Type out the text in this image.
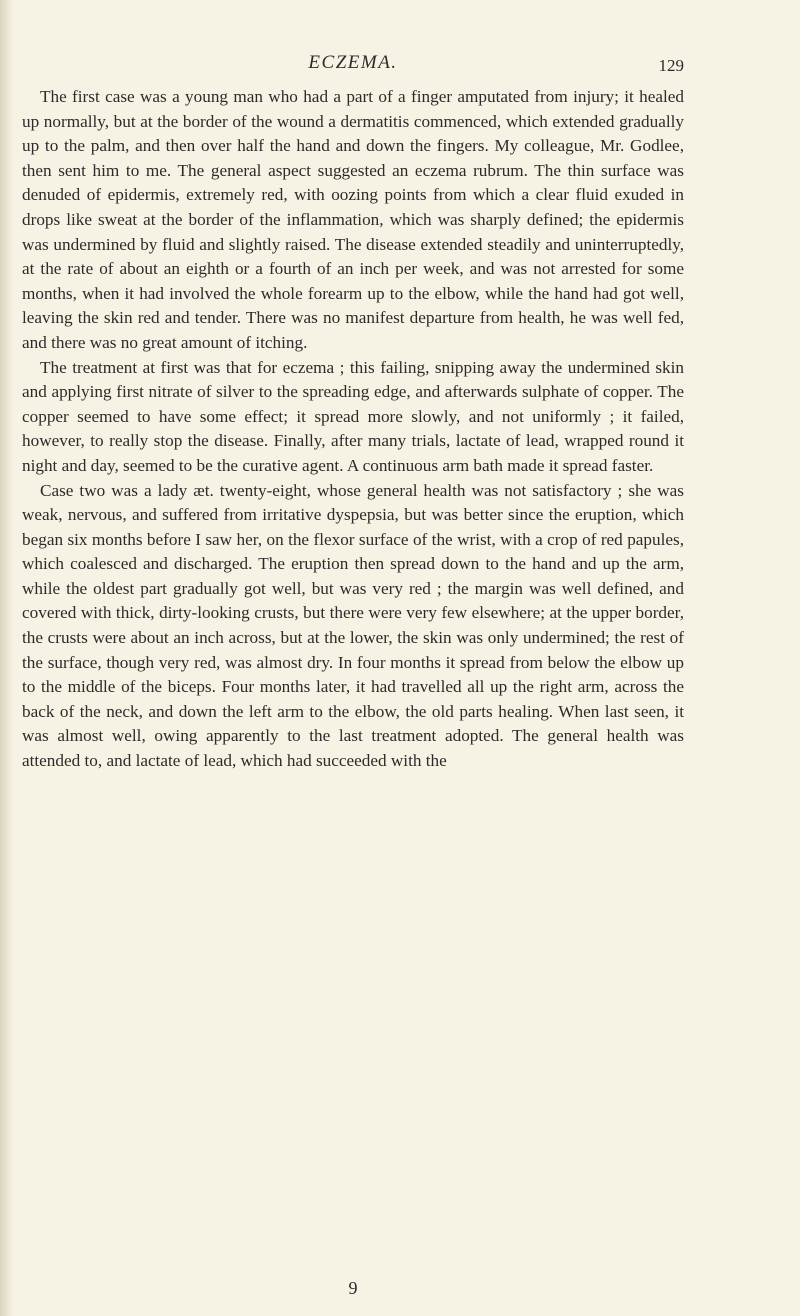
ECZEMA.	129

The first case was a young man who had a part of a finger amputated from injury; it healed up normally, but at the border of the wound a dermatitis commenced, which extended gradually up to the palm, and then over half the hand and down the fingers. My colleague, Mr. Godlee, then sent him to me. The general aspect suggested an eczema rubrum. The thin surface was denuded of epidermis, extremely red, with oozing points from which a clear fluid exuded in drops like sweat at the border of the inflammation, which was sharply defined; the epidermis was undermined by fluid and slightly raised. The disease extended steadily and uninterruptedly, at the rate of about an eighth or a fourth of an inch per week, and was not arrested for some months, when it had involved the whole forearm up to the elbow, while the hand had got well, leaving the skin red and tender. There was no manifest departure from health, he was well fed, and there was no great amount of itching.

The treatment at first was that for eczema ; this failing, snipping away the undermined skin and applying first nitrate of silver to the spreading edge, and afterwards sulphate of copper. The copper seemed to have some effect; it spread more slowly, and not uniformly ; it failed, however, to really stop the disease. Finally, after many trials, lactate of lead, wrapped round it night and day, seemed to be the curative agent. A continuous arm bath made it spread faster.

Case two was a lady æt. twenty-eight, whose general health was not satisfactory ; she was weak, nervous, and suffered from irritative dyspepsia, but was better since the eruption, which began six months before I saw her, on the flexor surface of the wrist, with a crop of red papules, which coalesced and discharged. The eruption then spread down to the hand and up the arm, while the oldest part gradually got well, but was very red ; the margin was well defined, and covered with thick, dirty-looking crusts, but there were very few elsewhere; at the upper border, the crusts were about an inch across, but at the lower, the skin was only undermined; the rest of the surface, though very red, was almost dry. In four months it spread from below the elbow up to the middle of the biceps. Four months later, it had travelled all up the right arm, across the back of the neck, and down the left arm to the elbow, the old parts healing. When last seen, it was almost well, owing apparently to the last treatment adopted. The general health was attended to, and lactate of lead, which had succeeded with the

9
